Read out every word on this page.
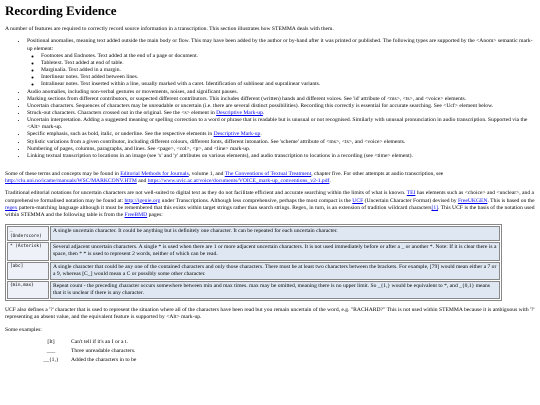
Recording Evidence

A number of features are required to correctly record source information in a transcription. This section illustrates how STEMMA deals with them.

• Positional anomalies, meaning text added outside the main body or flow. This may have been added by the author or by-hand after it was printed or published. The following types are supported by the <Anom> semantic mark-up element:
◦ Footnotes and Endnotes. Text added at the end of a page or document.
◦ Tabletext. Text added at end of table.
◦ Marginalia. Text added in a margin.
◦ Interlinear notes. Text added between lines.
◦ Intralinear notes. Text inserted within a line, usually marked with a caret. Identification of sublinear and supralinear variants.
• Audio anomalies, including non-verbal gestures or movements, noises, and significant pauses.
• Marking sections from different contributors, or suspected different contributors. This includes different (written) hands and different voices. See 'id' attribute of <ms>, <ts>, and <voice> elements.
• Uncertain characters. Sequences of characters may be unreadable or uncertain (i.e. there are several distinct possibilities). Recording this correctly is essential for accurate searching. See <Ucf> element below.
• Struck-out characters. Characters crossed out in the original. See the <s> element in Descriptive Mark-up.
• Uncertain interpretation. Adding a suggested meaning or spelling correction to a word or phrase that is readable but is unusual or not recognised. Similarly with unusual pronunciation in audio transcription. Supported via the <Alt> mark-up.
• Specific emphasis, such as bold, italic, or underline. See the respective elements in Descriptive Mark-up.
• Stylistic variations from a given contributor, including different colours, different fonts, different intonation. See 'scheme' attribute of <ms>, <ts>, and <voice> elements.
• Numbering of pages, columns, paragraphs, and lines. See <page>, <col>, <p>, and <line> mark-up.
• Linking textual transcription to locations in an image (see 'x' and 'y' attributes on various elements), and audio transcription to locations in a recording (see <time> element).

Some of these terms and concepts may be found in Editorial Methods for Journals, volume 1, and The Conventions of Textual Treatment, chapter five. For other attempts at audio transcription, see http://clu.uni.no/icame/manuals/WSC/MARKCONV.HTM and https://www.uvic.ac.at/voice/documents/VOICE_mark-up_conventions_v2-1.pdf.

Traditional editorial notations for uncertain characters are not well-suited to digital text as they do not facilitate efficient and accurate searching within the limits of what is known. TEI has elements such as <choice> and <unclear>, and a comprehensive formalised notation may be found at: http://igenie.org under Transcriptions. Although less comprehensive, perhaps the most compact is the UCF (Uncertain Character Format) devised by FreeUKGEN. This is based on the regex pattern-matching language although it must be remembered that this exists within target strings rather than search strings. Regex, in turn, is an extension of tradition wildcard characters[1]. This UCF is the basis of the notation used within STEMMA and the following table is from the FreeBMD pages:

_ (Underscore)	A single uncertain character. It could be anything but is definitely one character. It can be repeated for each uncertain character.
* (Asterisk)	Several adjacent uncertain characters. A single * is used when there are 1 or more adjacent uncertain characters. It is not used immediately before or after a _ or another *. Note: If it is clear there is a space, then * * is used to represent 2 words, neither of which can be read.
[abc]	A single character that could be any one of the contained characters and only those characters. There must be at least two characters between the brackets. For example, [79] would mean either a 7 or a 9, whereas [C_] would mean a C or possibly some other character.
{min,max}	Repeat count - the preceding character occurs somewhere between min and max times. max may be omitted, meaning there is no upper limit. So _{1,} would be equivalent to *, and _{0,1} means that it is unclear if there is any character.

UCF also defines a '?' character that is used to represent the situation where all of the characters have been read but you remain uncertain of the word, e.g. "RACHARD?" This is not used within STEMMA because it is ambiguous with '?' representing an absent value, and the equivalent feature is supported by <Alt> mark-up.

Some examples:

[It]	Can't tell if it's an I or a t.
___	Three unreadable characters.
__{1,}	Added the characters in to be
